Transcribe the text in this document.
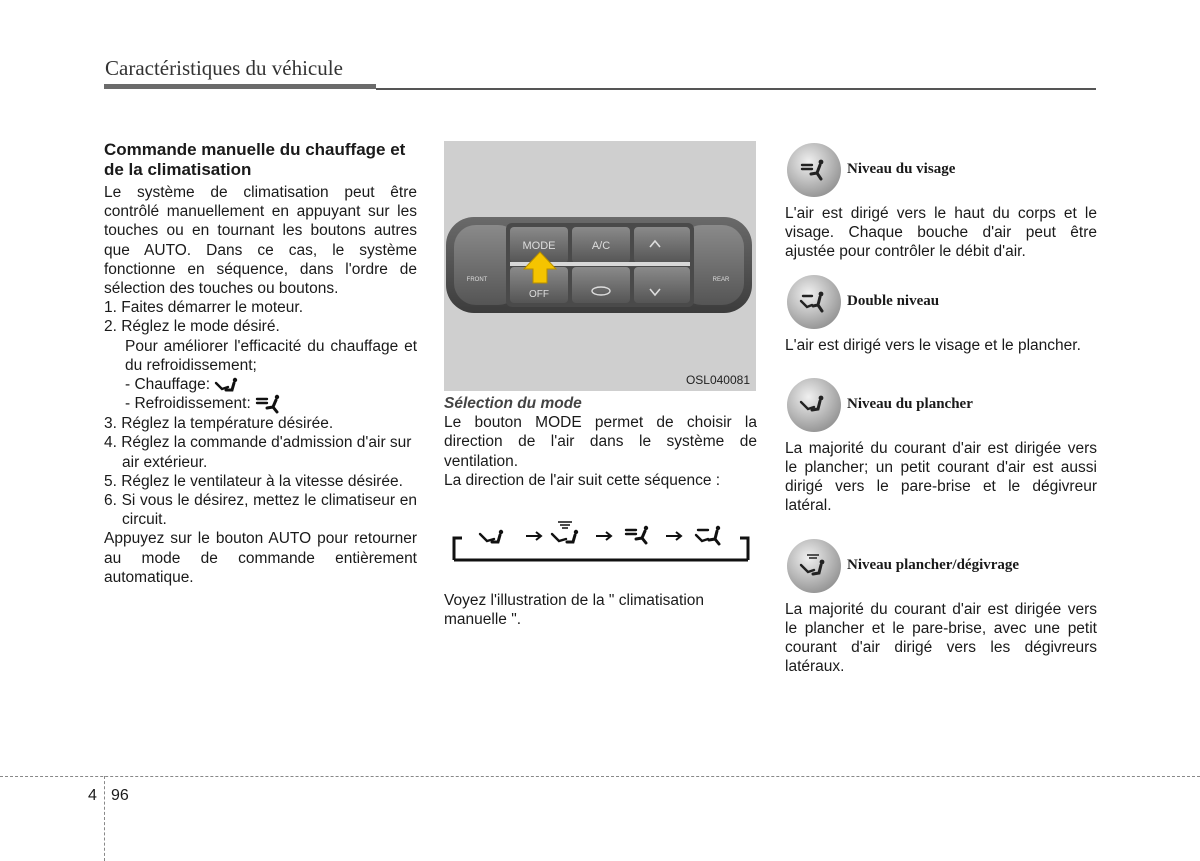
Caractéristiques du véhicule

Commande manuelle du chauffage et de la climatisation

Le système de climatisation peut être contrôlé manuellement en appuyant sur les touches ou en tournant les boutons autres que AUTO. Dans ce cas, le système fonctionne en séquence, dans l'ordre de sélection des touches ou boutons.

1. Faites démarrer le moteur.

2. Réglez le mode désiré.

Pour améliorer l'efficacité du chauffage et du refroidissement;

- Chauffage:

- Refroidissement:

3. Réglez la température désirée.

4. Réglez la commande d'admission d'air sur air extérieur.

5. Réglez le ventilateur à la vitesse désirée.

6. Si vous le désirez, mettez le climatiseur en circuit.

Appuyez sur le bouton AUTO pour retourner au mode de commande entièrement automatique.

MODE
OFF
A/C
FRONT	REAR
OSL040081

Sélection du mode

Le bouton MODE permet de choisir la direction de l'air dans le système de ventilation.

La direction de l'air suit cette séquence :

Voyez l'illustration de la " climatisation manuelle ".

Niveau du visage

L'air est dirigé vers le haut du corps et le visage. Chaque bouche d'air peut être ajustée pour contrôler le débit d'air.

Double niveau

L'air est dirigé vers le visage et le plancher.

Niveau du plancher

La majorité du courant d'air est dirigée vers le plancher; un petit courant d'air est aussi dirigé vers le pare-brise et le dégivreur latéral.

Niveau plancher/dégivrage

La majorité du courant d'air est dirigée vers le plancher et le pare-brise, avec une petit courant d'air dirigé vers les dégivreurs latéraux.

4 96
